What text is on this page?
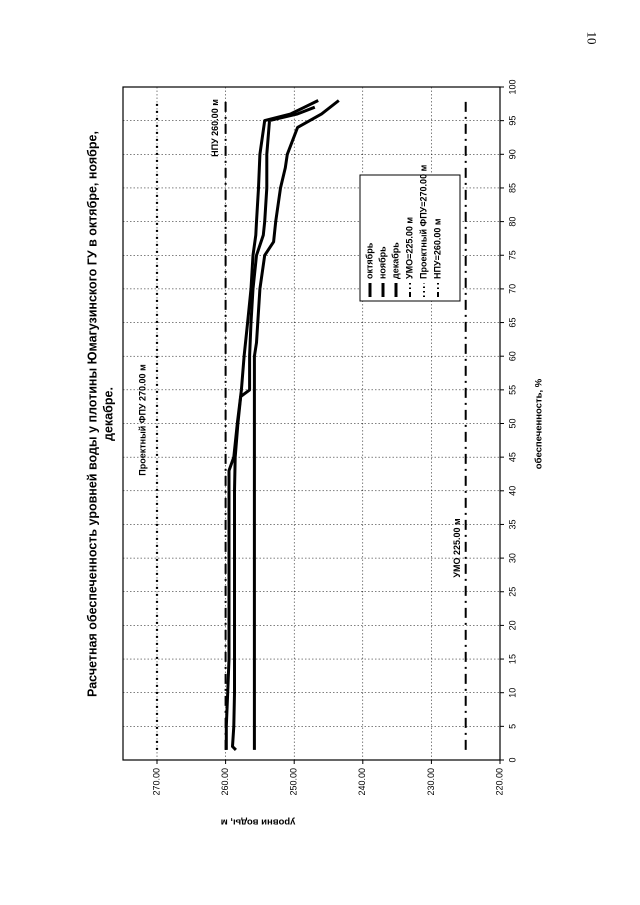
10
0
5
10
15
20
25
30
35
40
45
50
55
60
65
70
75
80
85
90
95
100
220.00
230.00
240.00
250.00
260.00
270.00
НПУ 260.00 м
Проектный ФПУ 270.00 м
УМО 225.00 м
октябрь ноябрь декабрь УМО=225.00 м Проектный ФПУ=270.00 м НПУ=260.00 м
обеспеченность, %
уровни воды, м
Расчетная обеспеченность уровней воды у плотины Юмагузинского ГУ в октябре, ноябре, декабре.
